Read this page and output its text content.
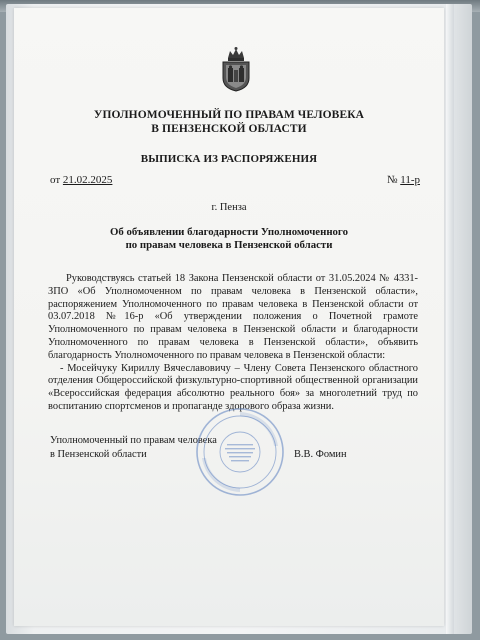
УПОЛНОМОЧЕННЫЙ ПО ПРАВАМ ЧЕЛОВЕКА
В ПЕНЗЕНСКОЙ ОБЛАСТИ
ВЫПИСКА ИЗ РАСПОРЯЖЕНИЯ
от 21.02.2025	№ 11-р
г. Пенза
Об объявлении благодарности Уполномоченного
по правам человека в Пензенской области

Руководствуясь статьей 18 Закона Пензенской области от 31.05.2024 № 4331-ЗПО «Об Уполномоченном по правам человека в Пензенской области», распоряжением Уполномоченного по правам человека в Пензенской области от 03.07.2018 №16-р «Об утверждении положения о Почетной грамоте Уполномоченного по правам человека в Пензенской области и благодарности Уполномоченного по правам человека в Пензенской области», объявить благодарность Уполномоченного по правам человека в Пензенской области:

- Мосейчуку Кириллу Вячеславовичу – Члену Совета Пензенского областного отделения Общероссийской физкультурно-спортивной общественной организации «Всероссийская федерация абсолютно реального боя» за многолетний труд по воспитанию спортсменов и пропаганде здорового образа жизни.

Уполномоченный по правам человека
в Пензенской области	В.В. Фомин
